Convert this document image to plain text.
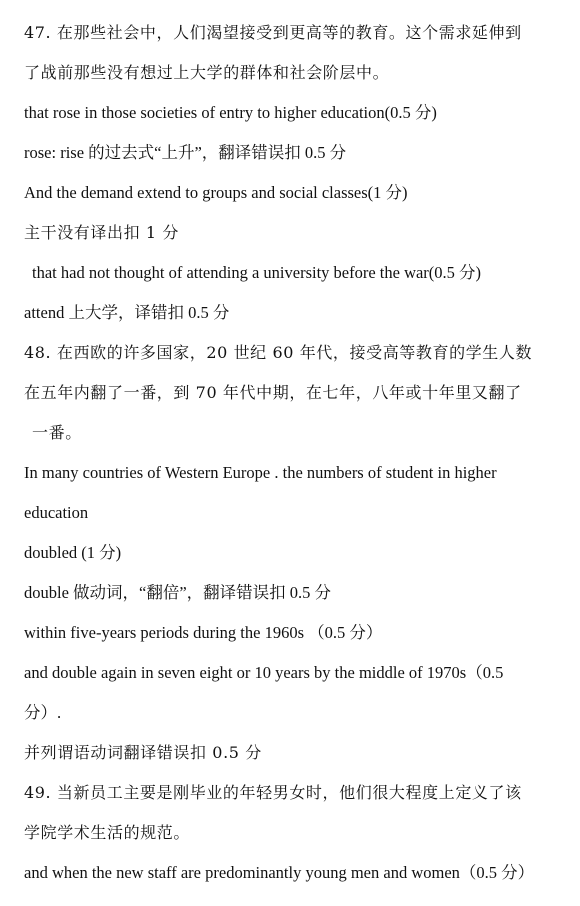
47. 在那些社会中，人们渴望接受到更高等的教育。这个需求延伸到
了战前那些没有想过上大学的群体和社会阶层中。
that rose in those societies of entry to higher education(0.5 分)
rose: rise 的过去式“上升”，翻译错误扣 0.5 分
And the demand extend to groups and social classes(1 分)
主干没有译出扣 1 分
that had not thought of attending a university before the war(0.5 分)
attend 上大学，译错扣 0.5 分
48. 在西欧的许多国家，20 世纪 60 年代，接受高等教育的学生人数
在五年内翻了一番，到 70 年代中期，在七年，八年或十年里又翻了
一番。
In many countries of Western Europe . the numbers of student in higher
education
doubled (1 分)
double 做动词，“翻倍”，翻译错误扣 0.5 分
within five-years periods during the 1960s （0.5 分）
and double again in seven eight or 10 years by the middle of 1970s（0.5
分）.
并列谓语动词翻译错误扣 0.5 分
49. 当新员工主要是刚毕业的年轻男女时，他们很大程度上定义了该
学院学术生活的规范。
and when the new staff are predominantly young men and women（0.5 分）
